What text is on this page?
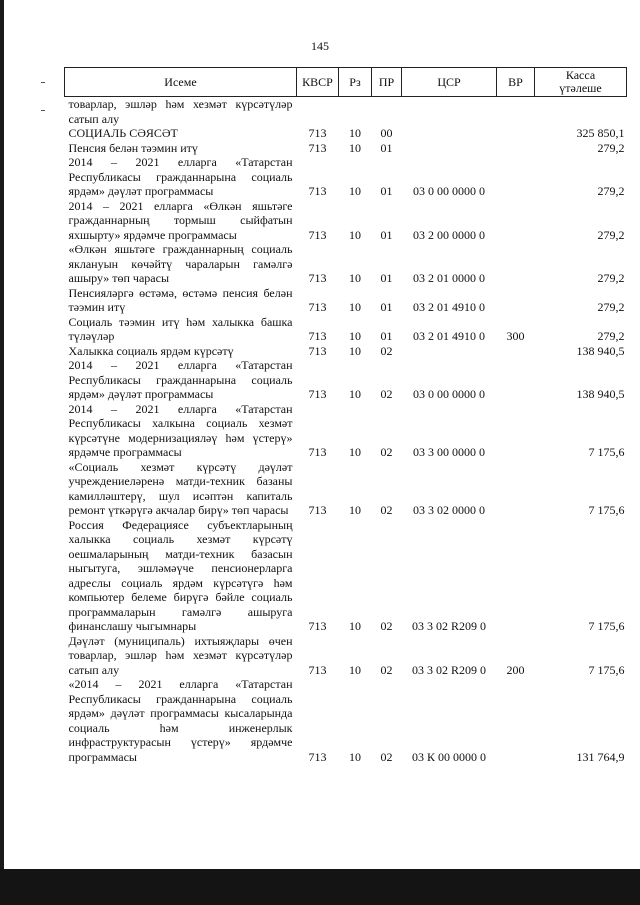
145
Исеме	КВСР	Рз	ПР	ЦСР	ВР	Касса
үтәлеше
товарлар, эшләр һәм хезмәт күрсәтүләр сатып алу						
СОЦИАЛЬ СӘЯСӘТ	713	10	00			325 850,1
Пенсия белән тәэмин итү	713	10	01			279,2
2014 – 2021 елларга «Татарстан Республикасы гражданнарына социаль ярдәм» дәүләт программасы	713	10	01	03 0 00 0000 0		279,2
2014 – 2021 елларга «Өлкән яшьтәге гражданнарның тормыш сыйфатын яхшырту» ярдәмче программасы	713	10	01	03 2 00 0000 0		279,2
«Өлкән яшьтәге гражданнарның социаль яклануын көчәйтү чараларын гамәлгә ашыру» төп чарасы	713	10	01	03 2 01 0000 0		279,2
Пенсияләргә өстәмә, өстәмә пенсия белән тәэмин итү	713	10	01	03 2 01 4910 0		279,2
Социаль тәэмин итү һәм халыкка башка түләүләр	713	10	01	03 2 01 4910 0	300	279,2
Халыкка социаль ярдәм күрсәтү	713	10	02			138 940,5
2014 – 2021 елларга «Татарстан Республикасы гражданнарына социаль ярдәм» дәүләт программасы	713	10	02	03 0 00 0000 0		138 940,5
2014 – 2021 елларга «Татарстан Республикасы халкына социаль хезмәт күрсәтүне модернизацияләү һәм үстерү» ярдәмче программасы	713	10	02	03 3 00 0000 0		7 175,6
«Социаль хезмәт күрсәтү дәүләт учреждениеләренә матди-техник базаны камилләштерү, шул исәптән капиталь ремонт үткәрүгә акчалар бирү» төп чарасы	713	10	02	03 3 02 0000 0		7 175,6
Россия Федерациясе субъектларының халыкка социаль хезмәт күрсәтү оешмаларының матди-техник базасын ныгытуга, эшләмәүче пенсионерларга адреслы социаль ярдәм күрсәтүгә һәм компьютер белеме бирүгә бәйле социаль программаларын гамәлгә ашыруга финанслашу чыгымнары	713	10	02	03 3 02 R209 0		7 175,6
Дәүләт (муниципаль) ихтыяҗлары өчен товарлар, эшләр һәм хезмәт күрсәтүләр сатып алу	713	10	02	03 3 02 R209 0	200	7 175,6
«2014 – 2021 елларга «Татарстан Республикасы гражданнарына социаль ярдәм» дәүләт программасы кысаларында социаль һәм инженерлык инфраструктурасын үстерү» ярдәмче программасы	713	10	02	03 К 00 0000 0		131 764,9
